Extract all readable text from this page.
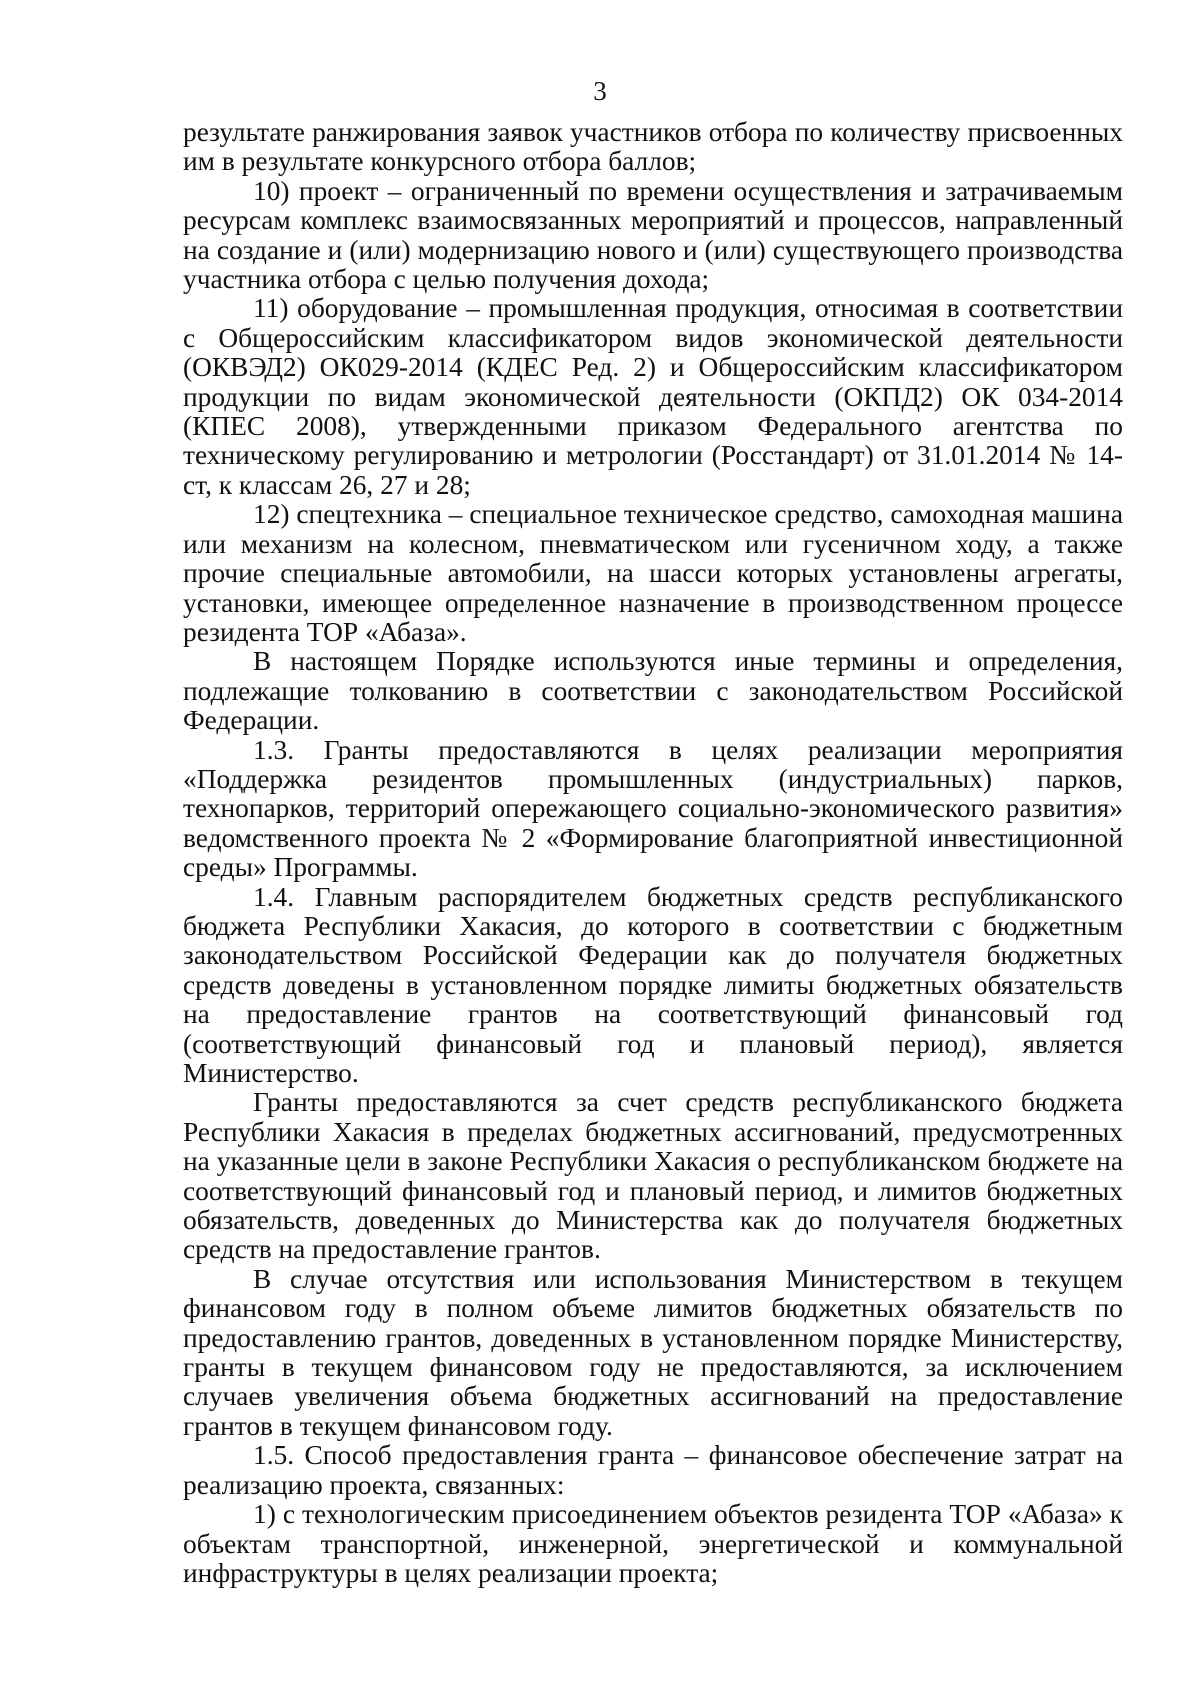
3

результате ранжирования заявок участников отбора по количеству присвоенных им в результате конкурсного отбора баллов;

10) проект – ограниченный по времени осуществления и затрачиваемым ресурсам комплекс взаимосвязанных мероприятий и процессов, направленный на создание и (или) модернизацию нового и (или) существующего производства участника отбора с целью получения дохода;

11) оборудование – промышленная продукция, относимая в соответствии с Общероссийским классификатором видов экономической деятельности (ОКВЭД2) ОК029-2014 (КДЕС Ред. 2) и Общероссийским классификатором продукции по видам экономической деятельности (ОКПД2) ОК 034-2014 (КПЕС 2008), утвержденными приказом Федерального агентства по техническому регулированию и метрологии (Росстандарт) от 31.01.2014 № 14-ст, к классам 26, 27 и 28;

12) спецтехника – специальное техническое средство, самоходная машина или механизм на колесном, пневматическом или гусеничном ходу, а также прочие специальные автомобили, на шасси которых установлены агрегаты, установки, имеющее определенное назначение в производственном процессе резидента ТОР «Абаза».

В настоящем Порядке используются иные термины и определения, подлежащие толкованию в соответствии с законодательством Российской Федерации.

1.3. Гранты предоставляются в целях реализации мероприятия «Поддержка резидентов промышленных (индустриальных) парков, технопарков, территорий опережающего социально-экономического развития» ведомственного проекта № 2 «Формирование благоприятной инвестиционной среды» Программы.

1.4. Главным распорядителем бюджетных средств республиканского бюджета Республики Хакасия, до которого в соответствии с бюджетным законодательством Российской Федерации как до получателя бюджетных средств доведены в установленном порядке лимиты бюджетных обязательств на предоставление грантов на соответствующий финансовый год (соответствующий финансовый год и плановый период), является Министерство.

Гранты предоставляются за счет средств республиканского бюджета Республики Хакасия в пределах бюджетных ассигнований, предусмотренных на указанные цели в законе Республики Хакасия о республиканском бюджете на соответствующий финансовый год и плановый период, и лимитов бюджетных обязательств, доведенных до Министерства как до получателя бюджетных средств на предоставление грантов.

В случае отсутствия или использования Министерством в текущем финансовом году в полном объеме лимитов бюджетных обязательств по предоставлению грантов, доведенных в установленном порядке Министерству, гранты в текущем финансовом году не предоставляются, за исключением случаев увеличения объема бюджетных ассигнований на предоставление грантов в текущем финансовом году.

1.5. Способ предоставления гранта – финансовое обеспечение затрат на реализацию проекта, связанных:

1) с технологическим присоединением объектов резидента ТОР «Абаза» к объектам транспортной, инженерной, энергетической и коммунальной инфраструктуры в целях реализации проекта;
